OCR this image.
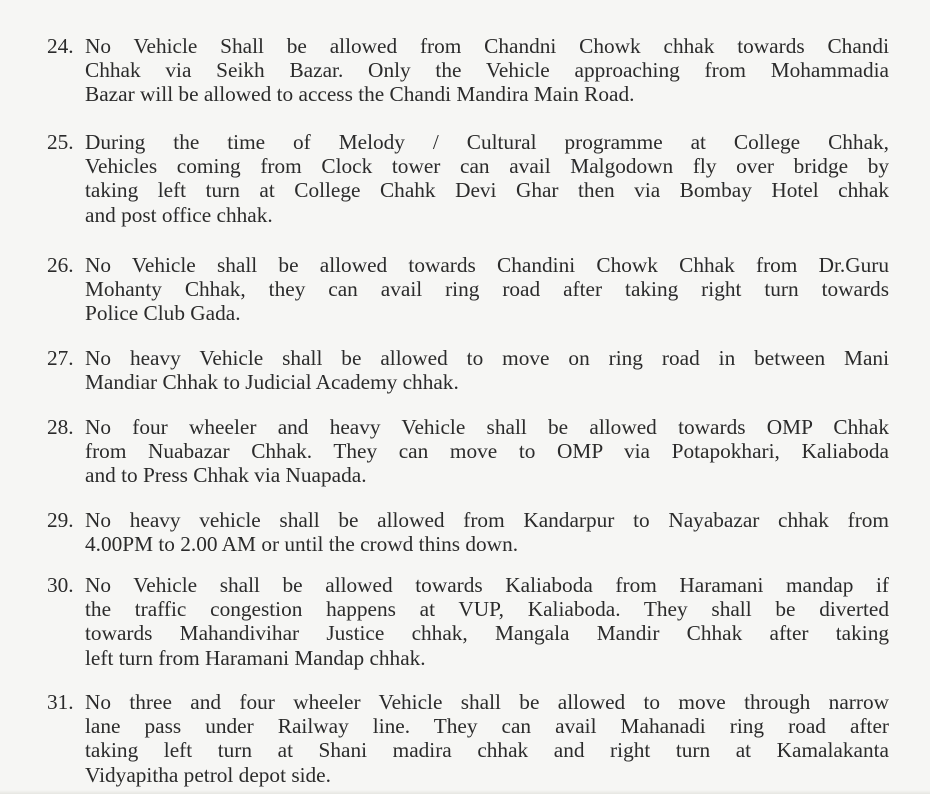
24. No Vehicle Shall be allowed from Chandni Chowk chhak towards Chandi
Chhak via Seikh Bazar. Only the Vehicle approaching from Mohammadia
Bazar will be allowed to access the Chandi Mandira Main Road.
25. During the time of Melody / Cultural programme at College Chhak,
Vehicles coming from Clock tower can avail Malgodown fly over bridge by
taking left turn at College Chahk Devi Ghar then via Bombay Hotel chhak
and post office chhak.
26. No Vehicle shall be allowed towards Chandini Chowk Chhak from Dr.Guru
Mohanty Chhak, they can avail ring road after taking right turn towards
Police Club Gada.
27. No heavy Vehicle shall be allowed to move on ring road in between Mani
Mandiar Chhak to Judicial Academy chhak.
28. No four wheeler and heavy Vehicle shall be allowed towards OMP Chhak
from Nuabazar Chhak. They can move to OMP via Potapokhari, Kaliaboda
and to Press Chhak via Nuapada.
29. No heavy vehicle shall be allowed from Kandarpur to Nayabazar chhak from
4.00PM to 2.00 AM or until the crowd thins down.
30. No Vehicle shall be allowed towards Kaliaboda from Haramani mandap if
the traffic congestion happens at VUP, Kaliaboda. They shall be diverted
towards Mahandivihar Justice chhak, Mangala Mandir Chhak after taking
left turn from Haramani Mandap chhak.
31. No three and four wheeler Vehicle shall be allowed to move through narrow
lane pass under Railway line. They can avail Mahanadi ring road after
taking left turn at Shani madira chhak and right turn at Kamalakanta
Vidyapitha petrol depot side.
